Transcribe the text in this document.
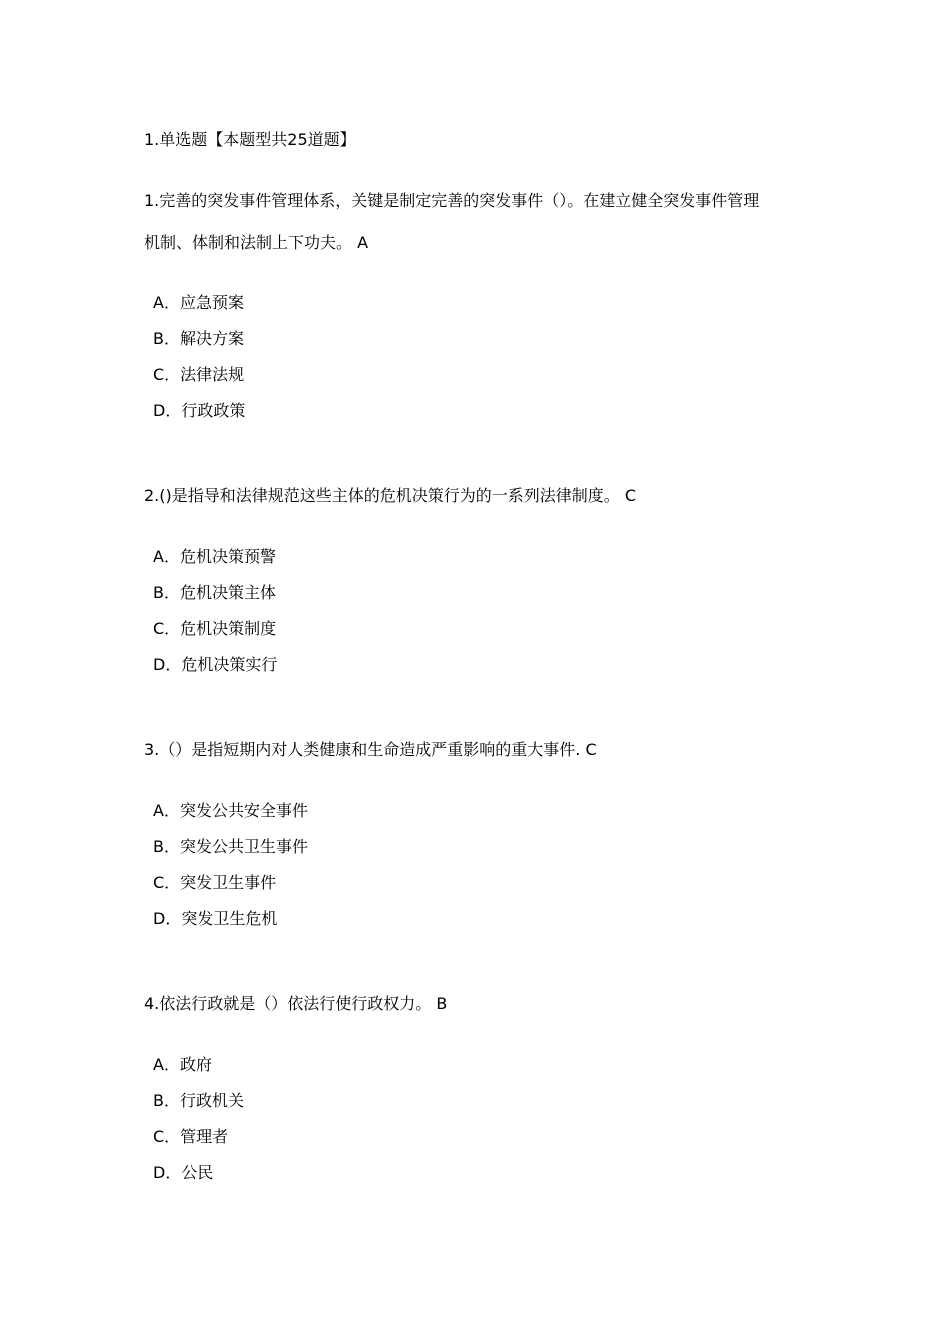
1.单选题【本题型共25道题】
1.完善的突发事件管理体系，关键是制定完善的突发事件（）。在建立健全突发事件管理
机制、体制和法制上下功夫。 A
A．应急预案
B．解决方案
C．法律法规
D．行政政策
2.()是指导和法律规范这些主体的危机决策行为的一系列法律制度。 C
A．危机决策预警
B．危机决策主体
C．危机决策制度
D．危机决策实行
3.（）是指短期内对人类健康和生命造成严重影响的重大事件. C
A．突发公共安全事件
B．突发公共卫生事件
C．突发卫生事件
D．突发卫生危机
4.依法行政就是（）依法行使行政权力。 B
A．政府
B．行政机关
C．管理者
D．公民
